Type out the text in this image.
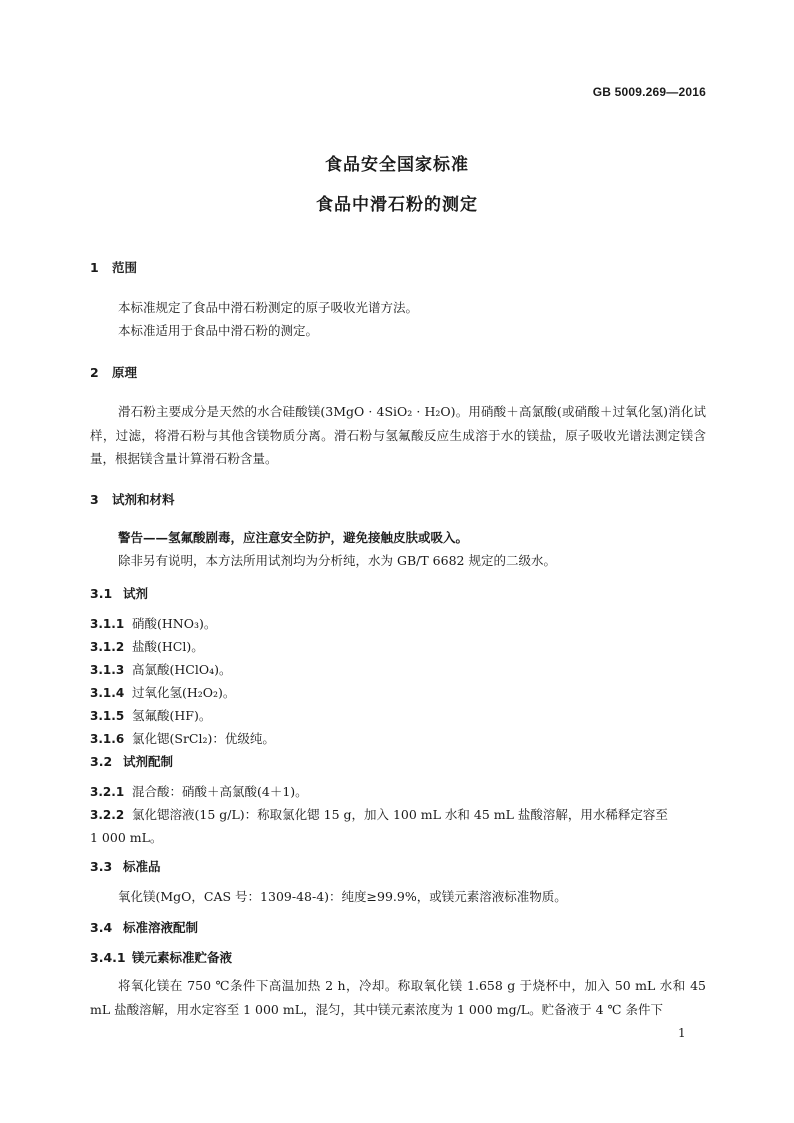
GB 5009.269—2016
食品安全国家标准
食品中滑石粉的测定
1 范围
本标准规定了食品中滑石粉测定的原子吸收光谱方法。
本标准适用于食品中滑石粉的测定。
2 原理
滑石粉主要成分是天然的水合硅酸镁(3MgO · 4SiO₂ · H₂O)。用硝酸＋高氯酸(或硝酸＋过氧化氢)消化试样，过滤，将滑石粉与其他含镁物质分离。滑石粉与氢氟酸反应生成溶于水的镁盐，原子吸收光谱法测定镁含量，根据镁含量计算滑石粉含量。
3 试剂和材料
警告——氢氟酸剧毒，应注意安全防护，避免接触皮肤或吸入。
除非另有说明，本方法所用试剂均为分析纯，水为 GB/T 6682 规定的二级水。
3.1 试剂
3.1.1 硝酸(HNO₃)。
3.1.2 盐酸(HCl)。
3.1.3 高氯酸(HClO₄)。
3.1.4 过氧化氢(H₂O₂)。
3.1.5 氢氟酸(HF)。
3.1.6 氯化锶(SrCl₂)：优级纯。
3.2 试剂配制
3.2.1 混合酸：硝酸＋高氯酸(4＋1)。
3.2.2 氯化锶溶液(15 g/L)：称取氯化锶 15 g，加入 100 mL 水和 45 mL 盐酸溶解，用水稀释定容至
1 000 mL。
3.3 标准品
氧化镁(MgO，CAS 号：1309-48-4)：纯度≥99.9%，或镁元素溶液标准物质。
3.4 标准溶液配制
3.4.1 镁元素标准贮备液
将氧化镁在 750 ℃条件下高温加热 2 h，冷却。称取氧化镁 1.658 g 于烧杯中，加入 50 mL 水和 45 mL 盐酸溶解，用水定容至 1 000 mL，混匀，其中镁元素浓度为 1 000 mg/L。贮备液于 4 ℃ 条件下
1
